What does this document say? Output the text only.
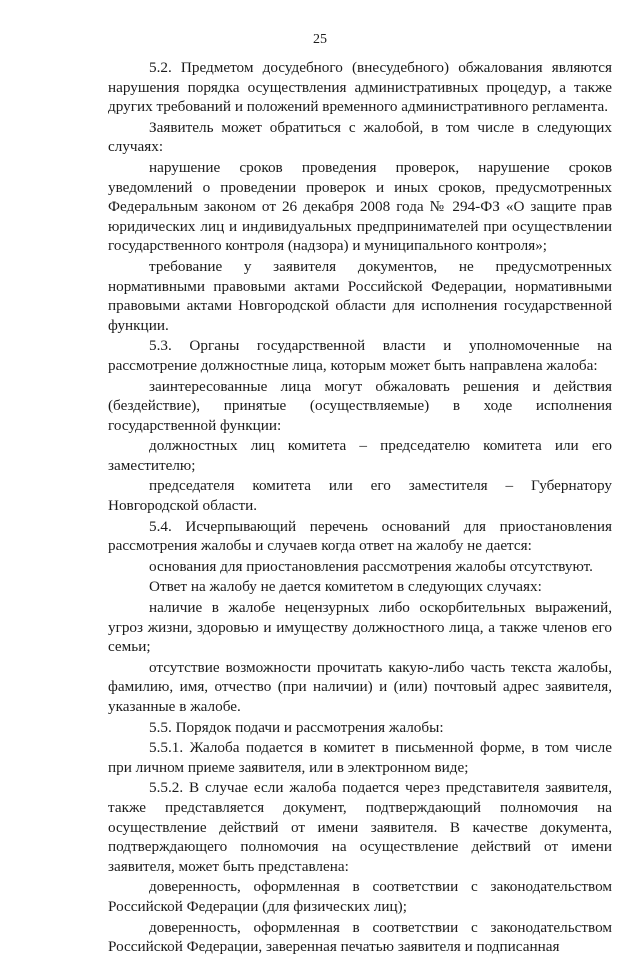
25

5.2. Предметом досудебного (внесудебного) обжалования являются нарушения порядка осуществления административных процедур, а также других требований и положений временного административного регламента.

Заявитель может обратиться с жалобой, в том числе в следующих случаях:

нарушение сроков проведения проверок, нарушение сроков уведомлений о проведении проверок и иных сроков, предусмотренных Федеральным законом от 26 декабря 2008 года № 294-ФЗ «О защите прав юридических лиц и индивидуальных предпринимателей при осуществлении государственного контроля (надзора) и муниципального контроля»;

требование у заявителя документов, не предусмотренных нормативными правовыми актами Российской Федерации, нормативными правовыми актами Новгородской области для исполнения государственной функции.

5.3. Органы государственной власти и уполномоченные на рассмотрение должностные лица, которым может быть направлена жалоба:

заинтересованные лица могут обжаловать решения и действия (бездействие), принятые (осуществляемые) в ходе исполнения государственной функции:

должностных лиц комитета – председателю комитета или его заместителю;

председателя комитета или его заместителя – Губернатору Новгородской области.

5.4. Исчерпывающий перечень оснований для приостановления рассмотрения жалобы и случаев когда ответ на жалобу не дается:

основания для приостановления рассмотрения жалобы отсутствуют.

Ответ на жалобу не дается комитетом в следующих случаях:

наличие в жалобе нецензурных либо оскорбительных выражений, угроз жизни, здоровью и имуществу должностного лица, а также членов его семьи;

отсутствие возможности прочитать какую-либо часть текста жалобы, фамилию, имя, отчество (при наличии) и (или) почтовый адрес заявителя, указанные в жалобе.

5.5. Порядок подачи и рассмотрения жалобы:

5.5.1. Жалоба подается в комитет в письменной форме, в том числе при личном приеме заявителя, или в электронном виде;

5.5.2. В случае если жалоба подается через представителя заявителя, также представляется документ, подтверждающий полномочия на осуществление действий от имени заявителя. В качестве документа, подтверждающего полномочия на осуществление действий от имени заявителя, может быть представлена:

доверенность, оформленная в соответствии с законодательством Российской Федерации (для физических лиц);

доверенность, оформленная в соответствии с законодательством Российской Федерации, заверенная печатью заявителя и подписанная
